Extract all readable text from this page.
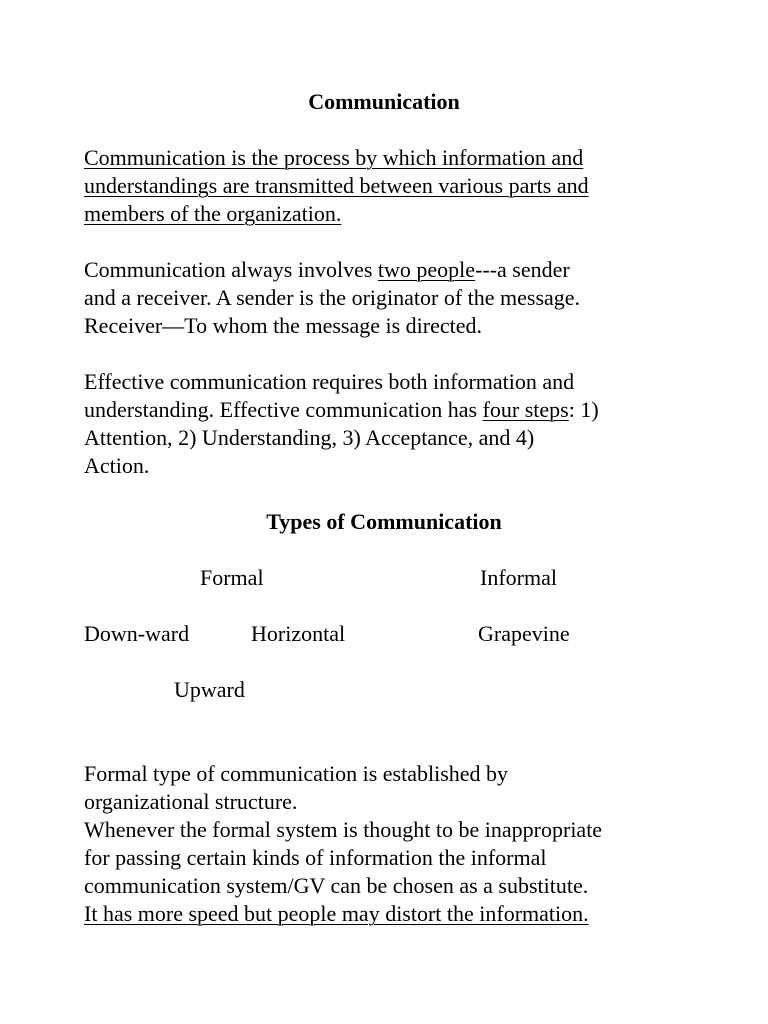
Communication
Communication is the process by which information and
understandings are transmitted between various parts and
members of the organization.
Communication always involves two people---a sender
and a receiver. A sender is the originator of the message.
Receiver—To whom the message is directed.
Effective communication requires both information and
understanding. Effective communication has four steps: 1)
Attention, 2) Understanding, 3) Acceptance, and 4)
Action.
Types of Communication
Formal	Informal
Down-ward	Horizontal	Grapevine
Upward
Formal type of communication is established by
organizational structure.
Whenever the formal system is thought to be inappropriate
for passing certain kinds of information the informal
communication system/GV can be chosen as a substitute.
It has more speed but people may distort the information.
